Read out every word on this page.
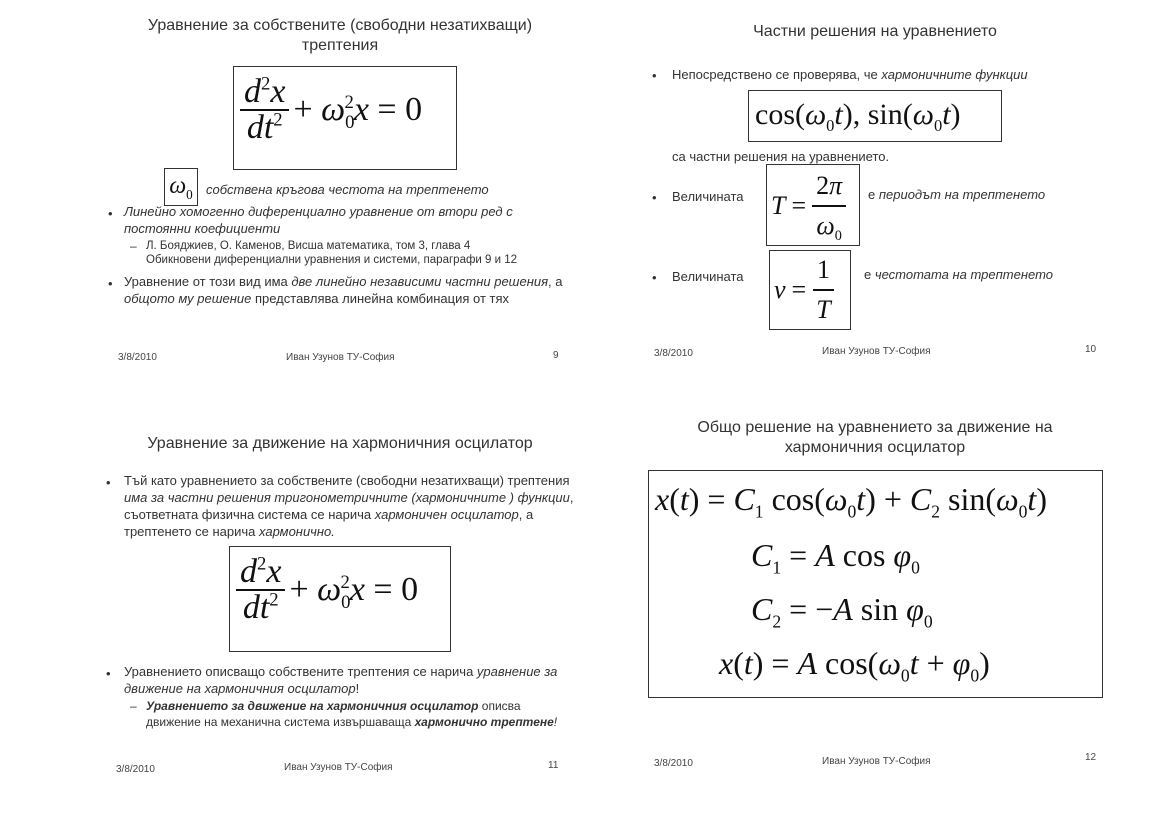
Уравнение за собствените (свободни незатихващи) трептения
$\frac{d^2x}{dt^2} + \omega_0^2x = 0$
$\omega_0$	собствена кръгова честота на трептенето
• Линейно хомогенно диференциално уравнение от втори ред с постоянни коефициенти
– Л. Бояджиев, О. Каменов, Висша математика, том 3, глава 4
Обикновени диференциални уравнения и системи, параграфи 9 и 12
• Уравнение от този вид има две линейно независими частни решения, а общото му решение представлява линейна комбинация от тях
3/8/2010	Иван Узунов ТУ-София	9
Частни решения на уравнението
• Непосредствено се проверява, че хармоничните функции
$\cos(\omega_0t)$, $\sin(\omega_0t)$
са частни решения на уравнението.
• Величината $T = \frac{2\pi}{\omega_0}$ е периодът на трептенето
• Величината $\nu = \frac{1}{T}$ е честотата на трептенето
3/8/2010	Иван Узунов ТУ-София	10
Уравнение за движение на хармоничния осцилатор
• Тъй като уравнението за собствените (свободни незатихващи) трептения има за частни решения тригонометричните (хармоничните ) функции, съответната физична система се нарича хармоничен осцилатор, а трептенето се нарича хармонично.
$\frac{d^2x}{dt^2} + \omega_0^2x = 0$
• Уравнението описващо собствените трептения се нарича уравнение за движение на хармоничния осцилатор!
– Уравнението за движение на хармоничния осцилатор описва движение на механична система извършаваща хармонично трептене!
3/8/2010	Иван Узунов ТУ-София	11
Общо решение на уравнението за движение на хармоничния осцилатор
$x(t) = C_1$ $\cos(\omega_0t) + C_2$ $\sin(\omega_0t)$
$C_1 = A$ $\cos \varphi_0$
$C_2 = -A$ $\sin \varphi_0$
x(t) = A $\cos(\omega_0t + \varphi_0)$
3/8/2010	Иван Узунов ТУ-София	12
